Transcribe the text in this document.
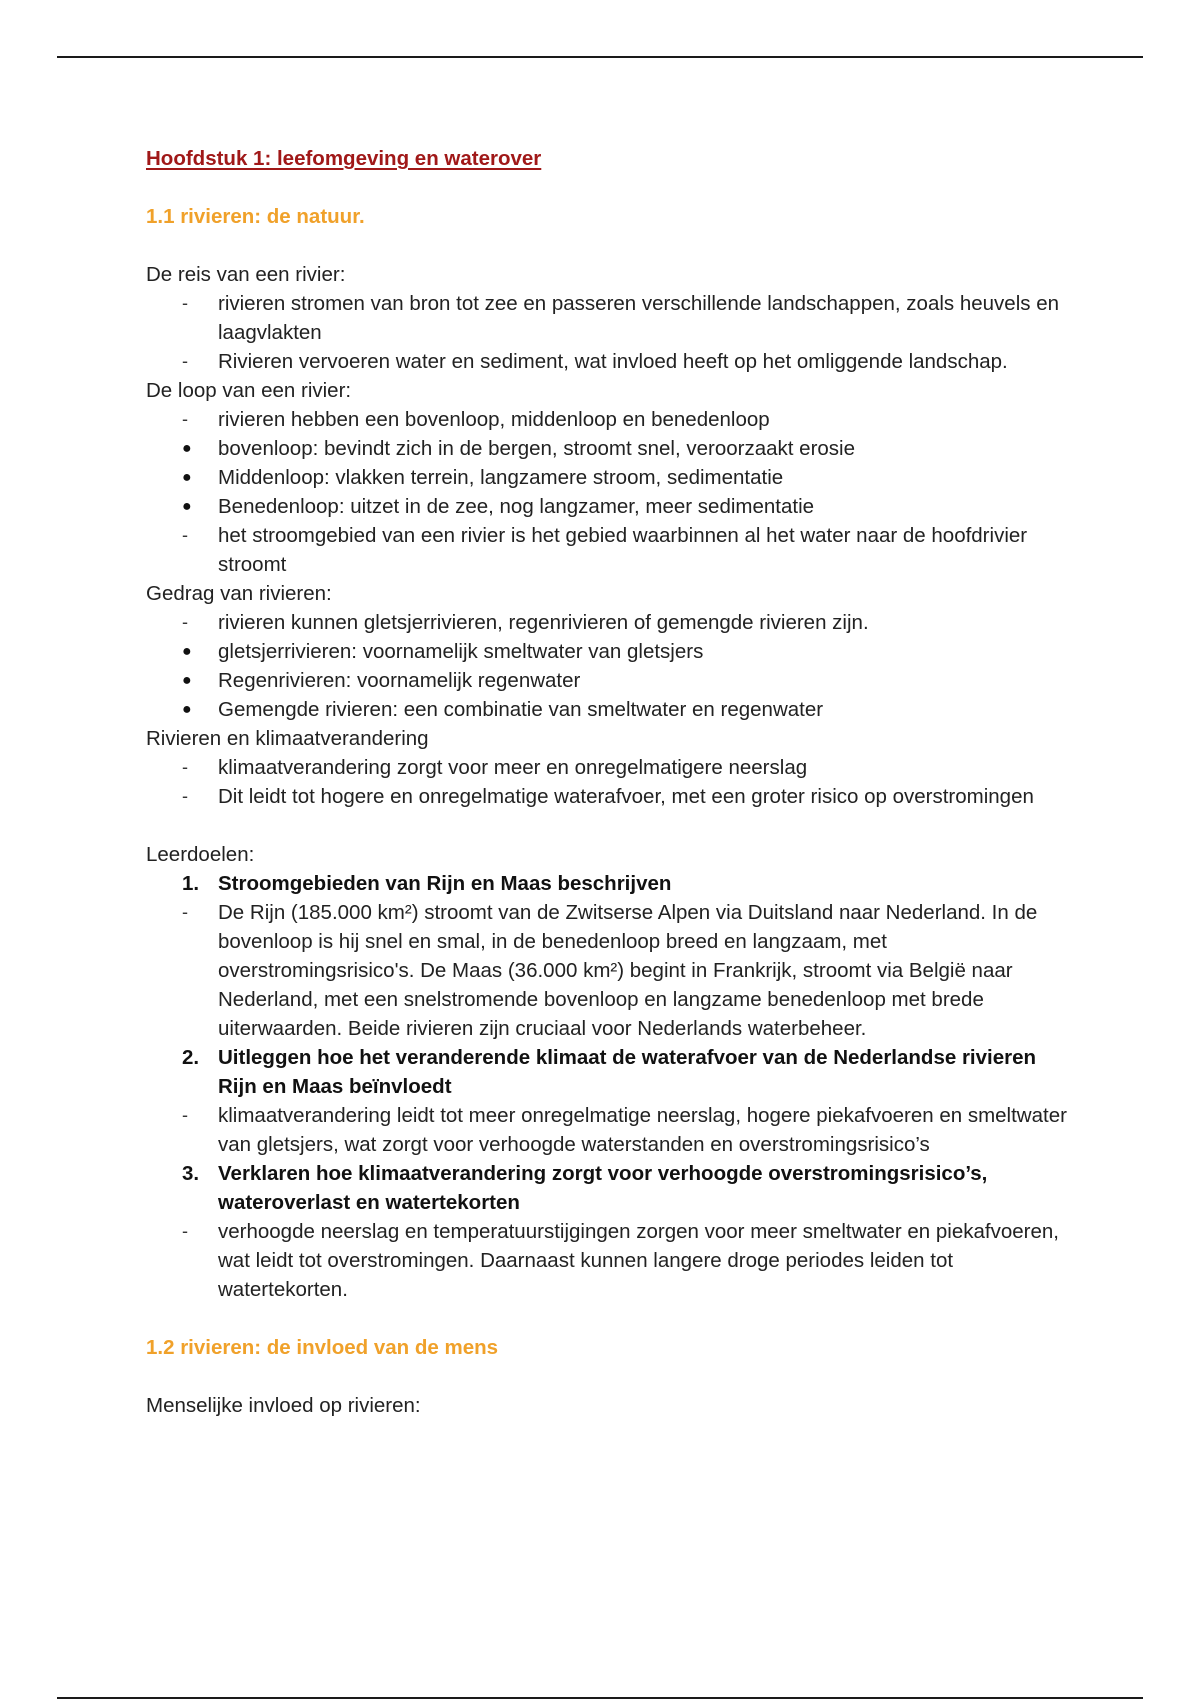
Hoofdstuk 1: leefomgeving en waterover
1.1 rivieren: de natuur.

De reis van een rivier:

-	rivieren stromen van bron tot zee en passeren verschillende landschappen, zoals heuvels en laagvlakten
-	Rivieren vervoeren water en sediment, wat invloed heeft op het omliggende landschap.

De loop van een rivier:

-	rivieren hebben een bovenloop, middenloop en benedenloop
●	bovenloop: bevindt zich in de bergen, stroomt snel, veroorzaakt erosie
●	Middenloop: vlakken terrein, langzamere stroom, sedimentatie
●	Benedenloop: uitzet in de zee, nog langzamer, meer sedimentatie
-	het stroomgebied van een rivier is het gebied waarbinnen al het water naar de hoofdrivier stroomt

Gedrag van rivieren:

-	rivieren kunnen gletsjerrivieren, regenrivieren of gemengde rivieren zijn.
●	gletsjerrivieren: voornamelijk smeltwater van gletsjers
●	Regenrivieren: voornamelijk regenwater
●	Gemengde rivieren: een combinatie van smeltwater en regenwater

Rivieren en klimaatverandering

-	klimaatverandering zorgt voor meer en onregelmatigere neerslag
-	Dit leidt tot hogere en onregelmatige waterafvoer, met een groter risico op overstromingen

Leerdoelen:

1. Stroomgebieden van Rijn en Maas beschrijven
-	De Rijn (185.000 km²) stroomt van de Zwitserse Alpen via Duitsland naar Nederland. In de bovenloop is hij snel en smal, in de benedenloop breed en langzaam, met overstromingsrisico's. De Maas (36.000 km²) begint in Frankrijk, stroomt via België naar Nederland, met een snelstromende bovenloop en langzame benedenloop met brede uiterwaarden. Beide rivieren zijn cruciaal voor Nederlands waterbeheer.
2. Uitleggen hoe het veranderende klimaat de waterafvoer van de Nederlandse rivieren Rijn en Maas beïnvloedt
-	klimaatverandering leidt tot meer onregelmatige neerslag, hogere piekafvoeren en smeltwater van gletsjers, wat zorgt voor verhoogde waterstanden en overstromingsrisico’s
3. Verklaren hoe klimaatverandering zorgt voor verhoogde overstromingsrisico’s, wateroverlast en watertekorten
-	verhoogde neerslag en temperatuurstijgingen zorgen voor meer smeltwater en piekafvoeren, wat leidt tot overstromingen. Daarnaast kunnen langere droge periodes leiden tot watertekorten.
1.2 rivieren: de invloed van de mens

Menselijke invloed op rivieren:
